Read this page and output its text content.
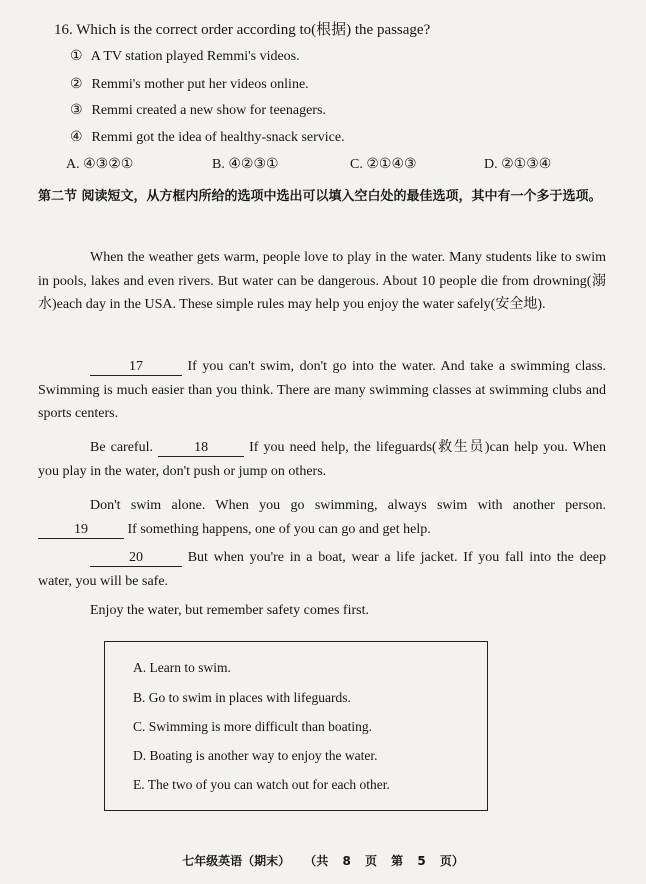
16. Which is the correct order according to(根据) the passage?
① A TV station played Remmi's videos.
② Remmi's mother put her videos online.
③ Remmi created a new show for teenagers.
④ Remmi got the idea of healthy-snack service.
A. ④③②①	B. ④②③①	C. ②①④③	D. ②①③④
第二节 阅读短文，从方框内所给的选项中选出可以填入空白处的最佳选项，其中有一个多于选项。
When the weather gets warm, people love to play in the water. Many students like to swim in pools, lakes and even rivers. But water can be dangerous. About 10 people die from drowning(溺水)each day in the USA. These simple rules may help you enjoy the water safely(安全地).
17	If you can't swim, don't go into the water. And take a swimming class. Swimming is much easier than you think. There are many swimming classes at swimming clubs and sports centers.
Be careful.	18	If you need help, the lifeguards(救生员)can help you. When you play in the water, don't push or jump on others.
Don't swim alone. When you go swimming, always swim with another person. 19	If something happens, one of you can go and get help.
20	But when you're in a boat, wear a life jacket. If you fall into the deep water, you will be safe.
Enjoy the water, but remember safety comes first.
A. Learn to swim.
B. Go to swim in places with lifeguards.
C. Swimming is more difficult than boating.
D. Boating is another way to enjoy the water.
E. The two of you can watch out for each other.
七年级英语（期末） （共 8 页 第 5 页）
